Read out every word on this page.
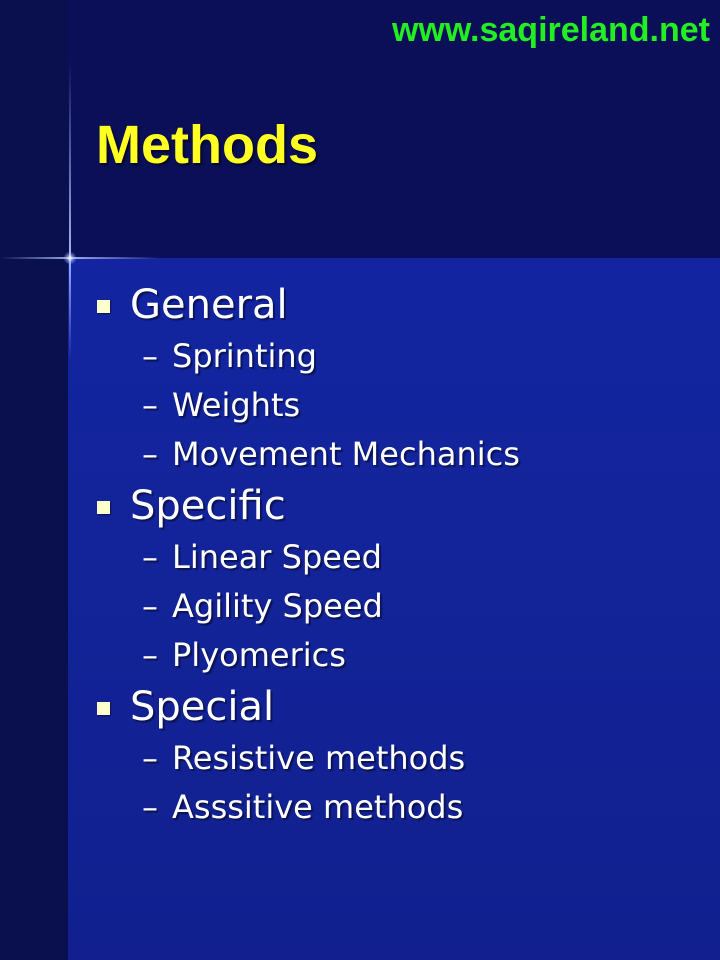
www.saqireland.net
Methods
General
– Sprinting
– Weights
– Movement Mechanics
Specific
– Linear Speed
– Agility Speed
– Plyomerics
Special
– Resistive methods
– Asssitive methods
